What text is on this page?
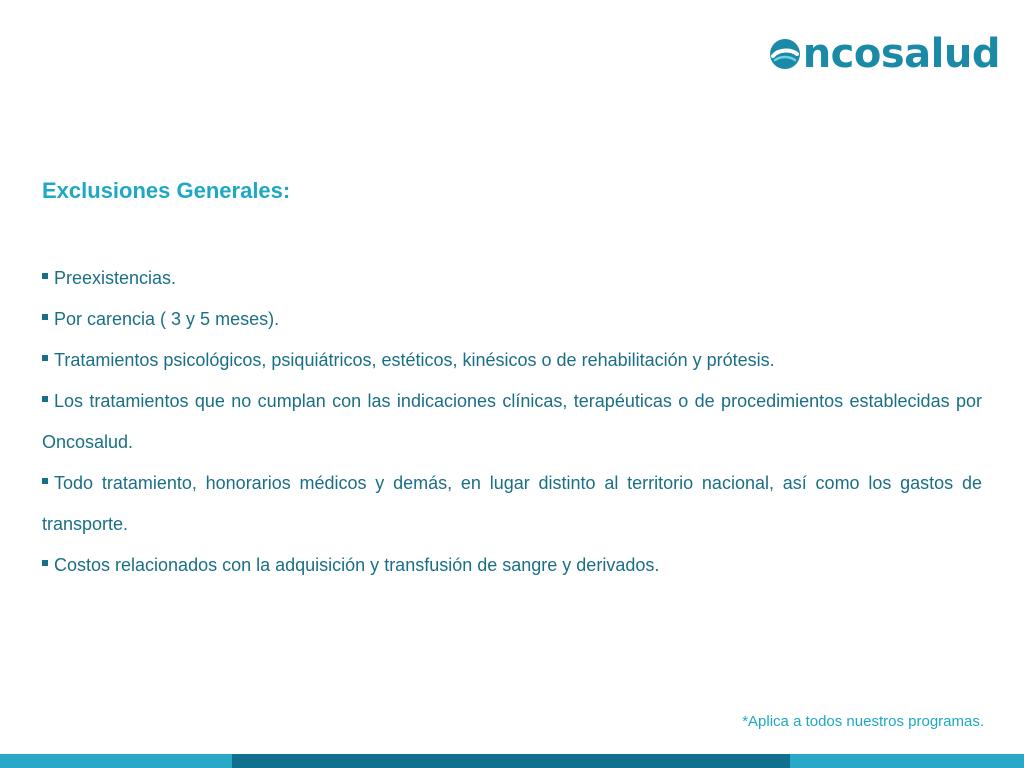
ncosalud
Exclusiones Generales:
Preexistencias.
Por carencia ( 3 y 5 meses).
Tratamientos psicológicos, psiquiátricos, estéticos, kinésicos o de rehabilitación y prótesis.
Los tratamientos que no cumplan con las indicaciones clínicas, terapéuticas o de procedimientos establecidas por Oncosalud.
Todo tratamiento, honorarios médicos y demás, en lugar distinto al territorio nacional, así como los gastos de transporte.
Costos relacionados con la adquisición y transfusión de sangre y derivados.
*Aplica a todos nuestros programas.
